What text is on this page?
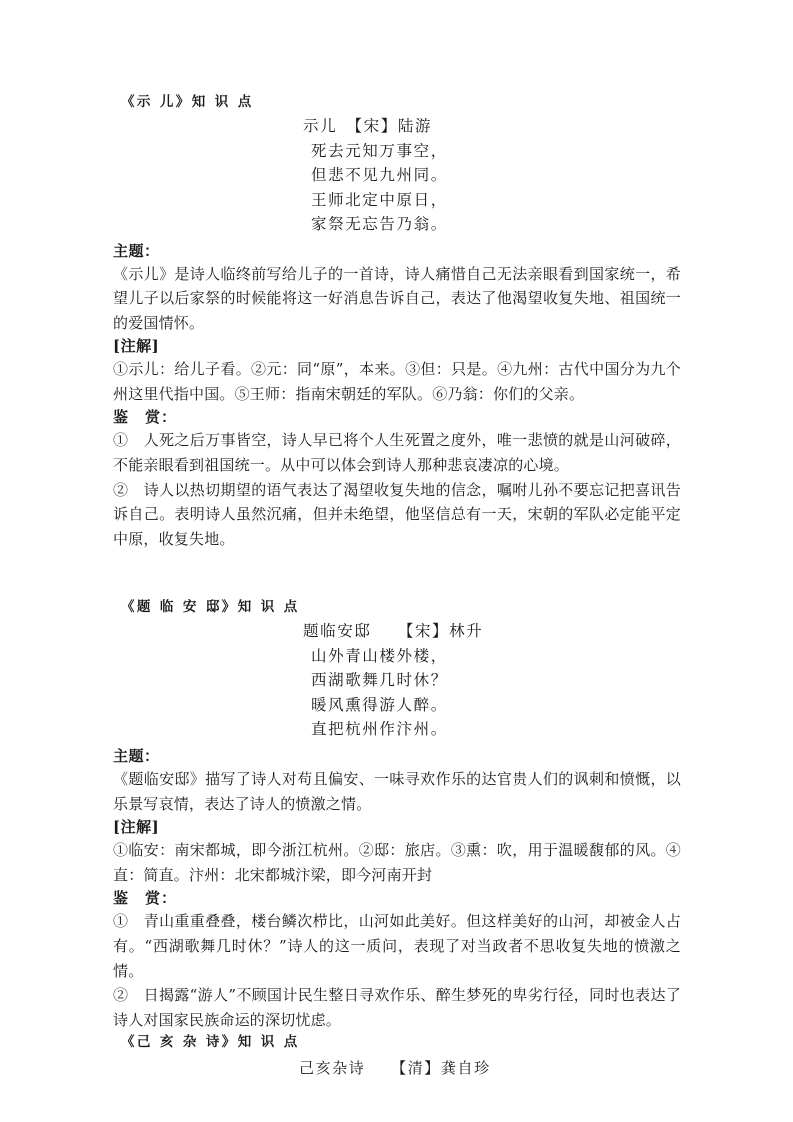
《示 儿》知 识 点
示儿　【宋】陆游
死去元知万事空，
但悲不见九州同。
王师北定中原日，
家祭无忘告乃翁。
主题：

《示儿》是诗人临终前写给儿子的一首诗，诗人痛惜自己无法亲眼看到国家统一，希望儿子以后家祭的时候能将这一好消息告诉自己，表达了他渴望收复失地、祖国统一的爱国情怀。

[注解]

①示儿：给儿子看。②元：同“原”，本来。③但：只是。④九州：古代中国分为九个州这里代指中国。⑤王师：指南宋朝廷的军队。⑥乃翁：你们的父亲。

鉴　赏：

①　人死之后万事皆空，诗人早已将个人生死置之度外，唯一悲愤的就是山河破碎，不能亲眼看到祖国统一。从中可以体会到诗人那种悲哀凄凉的心境。

②　诗人以热切期望的语气表达了渴望收复失地的信念，嘱咐儿孙不要忘记把喜讯告诉自己。表明诗人虽然沉痛，但并未绝望，他坚信总有一天，宋朝的军队必定能平定中原，收复失地。

《题 临 安 邸》知 识 点
题临安邸　　【宋】林升
山外青山楼外楼，
西湖歌舞几时休？
暖风熏得游人醉。
直把杭州作汴州。
主题：

《题临安邸》描写了诗人对苟且偏安、一味寻欢作乐的达官贵人们的讽刺和愤慨，以乐景写哀情，表达了诗人的愤激之情。

[注解]

①临安：南宋都城，即今浙江杭州。②邸：旅店。③熏：吹，用于温暖馥郁的风。④直：简直。汴州：北宋都城汴梁，即今河南开封

鉴　赏：

①　青山重重叠叠，楼台鳞次栉比，山河如此美好。但这样美好的山河，却被金人占有。“西湖歌舞几时休？”诗人的这一质问，表现了对当政者不思收复失地的愤激之情。

②　日揭露“游人”不顾国计民生整日寻欢作乐、醉生梦死的卑劣行径，同时也表达了诗人对国家民族命运的深切忧虑。

《己 亥 杂 诗》知 识 点
己亥杂诗　　【清】龚自珍
